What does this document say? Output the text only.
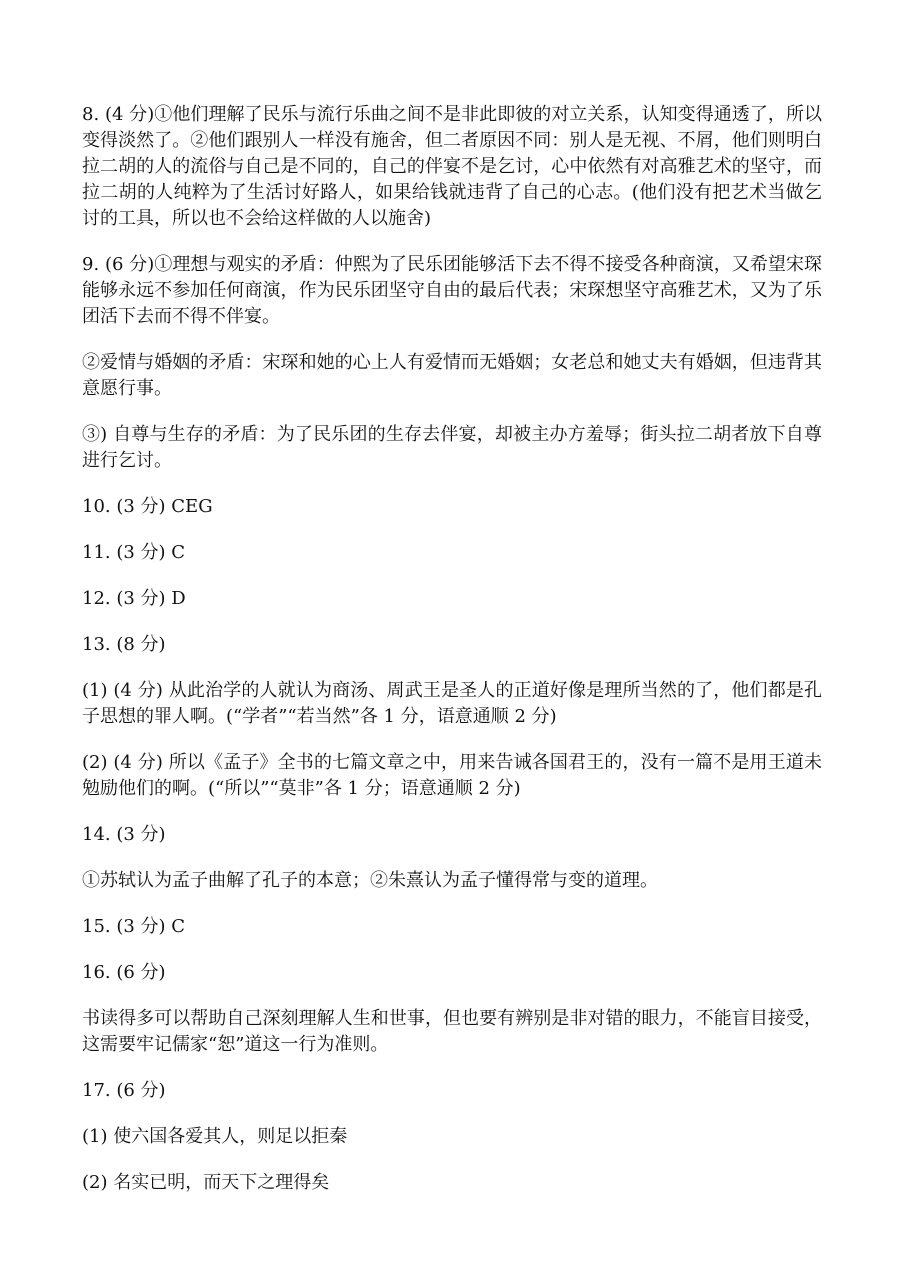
8. (4 分)①他们理解了民乐与流行乐曲之间不是非此即彼的对立关系，认知变得通透了，所以变得淡然了。②他们跟别人一样没有施舍，但二者原因不同：别人是无视、不屑，他们则明白拉二胡的人的流俗与自己是不同的，自己的伴宴不是乞讨，心中依然有对高雅艺术的坚守，而拉二胡的人纯粹为了生活讨好路人，如果给钱就违背了自己的心志。(他们没有把艺术当做乞讨的工具，所以也不会给这样做的人以施舍)

9. (6 分)①理想与观实的矛盾：仲熙为了民乐团能够活下去不得不接受各种商演，又希望宋琛能够永远不参加任何商演，作为民乐团坚守自由的最后代表；宋琛想坚守高雅艺术，又为了乐团活下去而不得不伴宴。

②爱情与婚姻的矛盾：宋琛和她的心上人有爱情而无婚姻；女老总和她丈夫有婚姻，但违背其意愿行事。

③) 自尊与生存的矛盾：为了民乐团的生存去伴宴，却被主办方羞辱；街头拉二胡者放下自尊进行乞讨。

10. (3 分) CEG

11. (3 分) C

12. (3 分) D

13. (8 分)

(1) (4 分) 从此治学的人就认为商汤、周武王是圣人的正道好像是理所当然的了，他们都是孔子思想的罪人啊。(“学者”“若当然”各 1 分，语意通顺 2 分)

(2) (4 分) 所以《孟子》全书的七篇文章之中，用来告诫各国君王的，没有一篇不是用王道未勉励他们的啊。(“所以”“莫非”各 1 分；语意通顺 2 分)

14. (3 分)

①苏轼认为孟子曲解了孔子的本意；②朱熹认为孟子懂得常与变的道理。

15. (3 分) C

16. (6 分)

书读得多可以帮助自己深刻理解人生和世事，但也要有辨别是非对错的眼力，不能盲目接受，这需要牢记儒家“恕”道这一行为准则。

17. (6 分)

(1) 使六国各爱其人，则足以拒秦

(2) 名实已明，而天下之理得矣
